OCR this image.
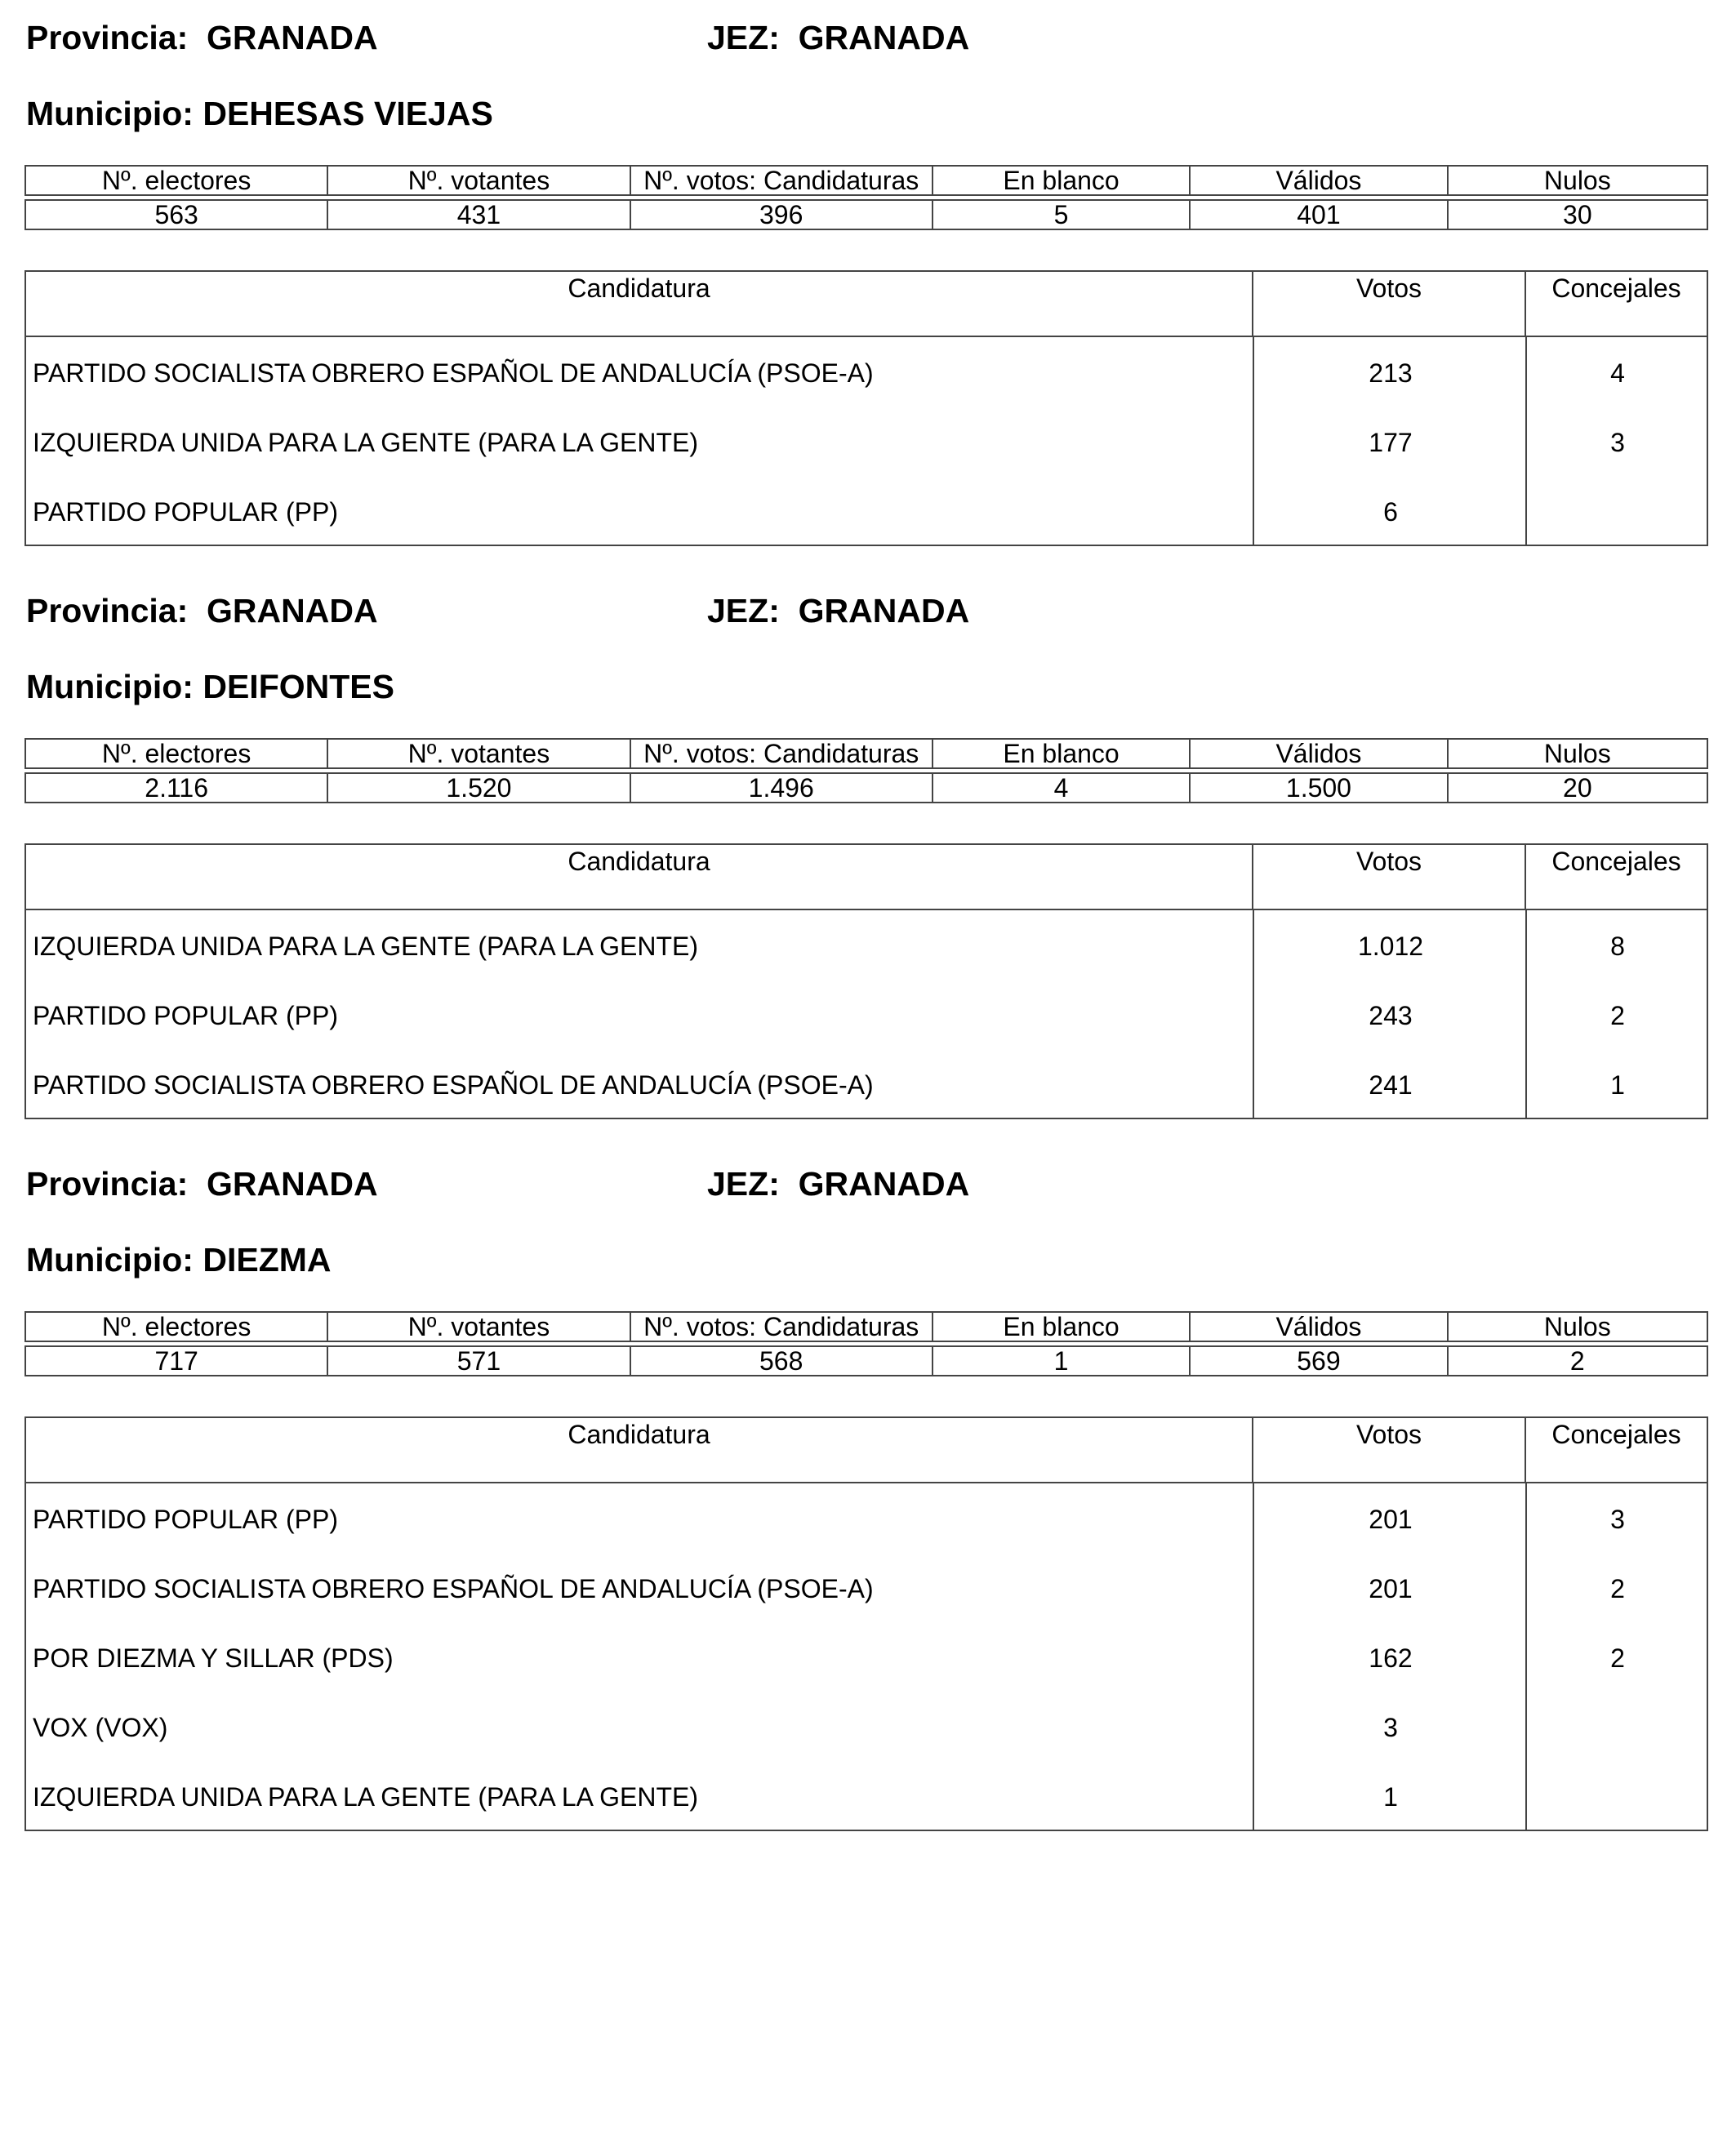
Provincia:  GRANADA	JEZ:  GRANADA
Municipio: DEHESAS VIEJAS
Nº. electores	Nº. votantes	Nº. votos: Candidaturas	En blanco	Válidos	Nulos
563	431	396	5	401	30
Candidatura	Votos	Concejales
PARTIDO SOCIALISTA OBRERO ESPAÑOL DE ANDALUCÍA (PSOE-A)	213	4
IZQUIERDA UNIDA PARA LA GENTE (PARA LA GENTE)	177	3
PARTIDO POPULAR (PP)	6
Provincia:  GRANADA	JEZ:  GRANADA
Municipio: DEIFONTES
Nº. electores	Nº. votantes	Nº. votos: Candidaturas	En blanco	Válidos	Nulos
2.116	1.520	1.496	4	1.500	20
Candidatura	Votos	Concejales
IZQUIERDA UNIDA PARA LA GENTE (PARA LA GENTE)	1.012	8
PARTIDO POPULAR (PP)	243	2
PARTIDO SOCIALISTA OBRERO ESPAÑOL DE ANDALUCÍA (PSOE-A)	241	1
Provincia:  GRANADA	JEZ:  GRANADA
Municipio: DIEZMA
Nº. electores	Nº. votantes	Nº. votos: Candidaturas	En blanco	Válidos	Nulos
717	571	568	1	569	2
Candidatura	Votos	Concejales
PARTIDO POPULAR (PP)	201	3
PARTIDO SOCIALISTA OBRERO ESPAÑOL DE ANDALUCÍA (PSOE-A)	201	2
POR DIEZMA Y SILLAR (PDS)	162	2
VOX (VOX)	3
IZQUIERDA UNIDA PARA LA GENTE (PARA LA GENTE)	1
